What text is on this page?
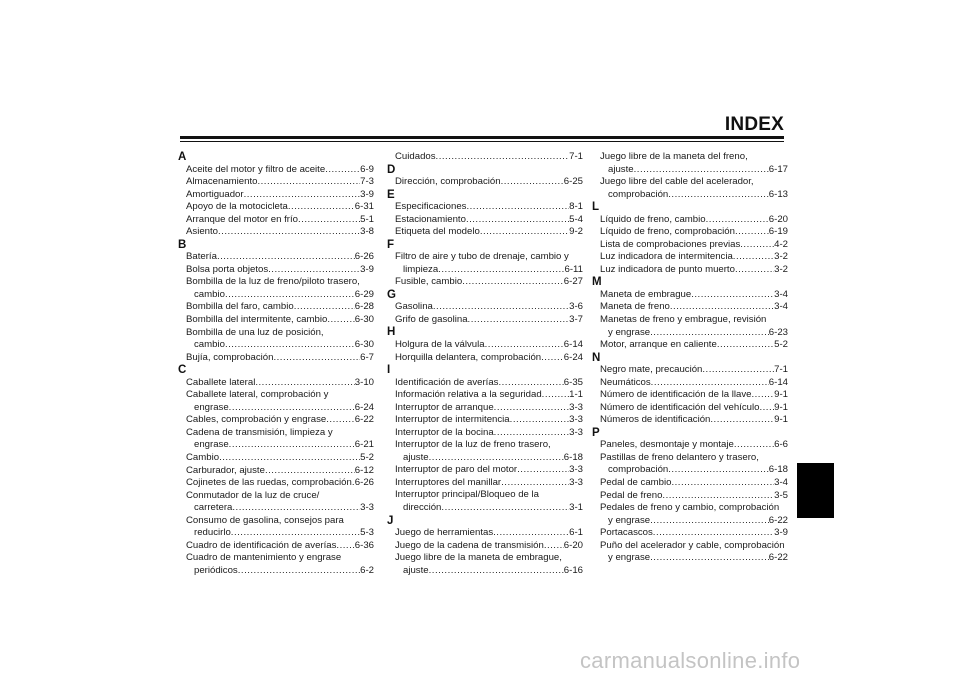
INDEX
A
Aceite del motor y filtro de aceite .....	6-9
Almacenamiento .....	7-3
Amortiguador .....	3-9
Apoyo de la motocicleta .....	6-31
Arranque del motor en frío .....	5-1
Asiento .....	3-8
B
Batería .....	6-26
Bolsa porta objetos .....	3-9
Bombilla de la luz de freno/piloto trasero,
cambio .....	6-29
Bombilla del faro, cambio .....	6-28
Bombilla del intermitente, cambio .....	6-30
Bombilla de una luz de posición,
cambio .....	6-30
Bujía, comprobación .....	6-7
C
Caballete lateral .....	3-10
Caballete lateral, comprobación y
engrase .....	6-24
Cables, comprobación y engrase .....	6-22
Cadena de transmisión, limpieza y
engrase .....	6-21
Cambio .....	5-2
Carburador, ajuste .....	6-12
Cojinetes de las ruedas, comprobación ..... 6-26
Conmutador de la luz de cruce/
carretera .....	3-3
Consumo de gasolina, consejos para
reducirlo .....	5-3
Cuadro de identificación de averías ..... 6-36
Cuadro de mantenimiento y engrase
periódicos .....	6-2
Cuidados .....	7-1
D
Dirección, comprobación .....	6-25
E
Especificaciones .....	8-1
Estacionamiento .....	5-4
Etiqueta del modelo .....	9-2
F
Filtro de aire y tubo de drenaje, cambio y
limpieza .....	6-11
Fusible, cambio .....	6-27
G
Gasolina .....	3-6
Grifo de gasolina .....	3-7
H
Holgura de la válvula .....	6-14
Horquilla delantera, comprobación ..... 6-24
I
Identificación de averías .....	6-35
Información relativa a la seguridad .....	1-1
Interruptor de arranque .....	3-3
Interruptor de intermitencia .....	3-3
Interruptor de la bocina .....	3-3
Interruptor de la luz de freno trasero,
ajuste .....	6-18
Interruptor de paro del motor .....	3-3
Interruptores del manillar .....	3-3
Interruptor principal/Bloqueo de la
dirección .....	3-1
J
Juego de herramientas .....	6-1
Juego de la cadena de transmisión ..... 6-20
Juego libre de la maneta de embrague,
ajuste .....	6-16
Juego libre de la maneta del freno,
ajuste .....	6-17
Juego libre del cable del acelerador,
comprobación .....	6-13
L
Líquido de freno, cambio .....	6-20
Líquido de freno, comprobación .....	6-19
Lista de comprobaciones previas .....	4-2
Luz indicadora de intermitencia .....	3-2
Luz indicadora de punto muerto .....	3-2
M
Maneta de embrague .....	3-4
Maneta de freno .....	3-4
Manetas de freno y embrague, revisión
y engrase .....	6-23
Motor, arranque en caliente .....	5-2
N
Negro mate, precaución .....	7-1
Neumáticos .....	6-14
Número de identificación de la llave ..... 9-1
Número de identificación del vehículo ..... 9-1
Números de identificación .....	9-1
P
Paneles, desmontaje y montaje .....	6-6
Pastillas de freno delantero y trasero,
comprobación .....	6-18
Pedal de cambio .....	3-4
Pedal de freno .....	3-5
Pedales de freno y cambio, comprobación
y engrase .....	6-22
Portacascos .....	3-9
Puño del acelerador y cable, comprobación
y engrase .....	6-22
carmanualsonline.info
